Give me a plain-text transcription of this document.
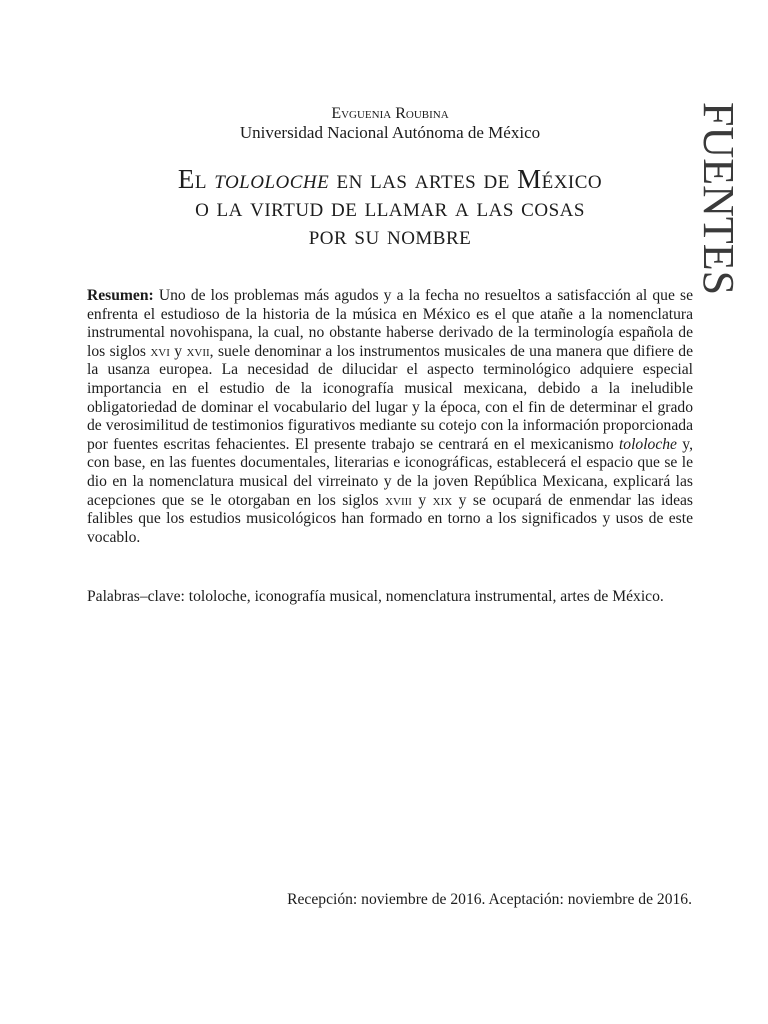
FUENTES
Evguenia Roubina
Universidad Nacional Autónoma de México
El tololoche en las artes de México
o la virtud de llamar a las cosas
por su nombre
Resumen: Uno de los problemas más agudos y a la fecha no resueltos a satisfacción al que se enfrenta el estudioso de la historia de la música en México es el que atañe a la nomenclatura instrumental novohispana, la cual, no obstante haberse derivado de la terminología española de los siglos xvi y xvii, suele denominar a los instrumentos musicales de una manera que difiere de la usanza europea. La necesidad de dilucidar el aspecto terminológico adquiere especial importancia en el estudio de la iconografía musical mexicana, debido a la ineludible obligatoriedad de dominar el vocabulario del lugar y la época, con el fin de determinar el grado de verosimilitud de testimonios figurativos mediante su cotejo con la información proporcionada por fuentes escritas fehacientes. El presente trabajo se centrará en el mexicanismo tololoche y, con base, en las fuentes documentales, literarias e iconográficas, establecerá el espacio que se le dio en la nomenclatura musical del virreinato y de la joven República Mexicana, explicará las acepciones que se le otorgaban en los siglos xviii y xix y se ocupará de enmendar las ideas falibles que los estudios musicológicos han formado en torno a los significados y usos de este vocablo.
Palabras–clave: tololoche, iconografía musical, nomenclatura instrumental, artes de México.
Recepción: noviembre de 2016. Aceptación: noviembre de 2016.
